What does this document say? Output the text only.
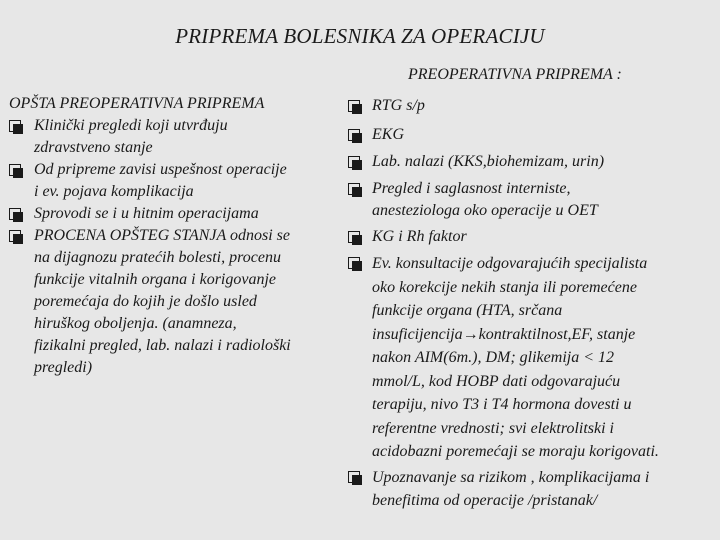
PRIPREMA BOLESNIKA ZA OPERACIJU
PREOPERATIVNA PRIPREMA :
OPŠTA PREOPERATIVNA PRIPREMA
Klinički pregledi koji utvrđuju
zdravstveno stanje
Od pripreme zavisi uspešnost operacije
i ev. pojava komplikacija
Sprovodi se i u hitnim operacijama
PROCENA OPŠTEG STANJA odnosi se
na dijagnozu pratećih bolesti, procenu
funkcije vitalnih organa i korigovanje
poremećaja do kojih je došlo usled
hiruškog oboljenja. (anamneza,
fizikalni pregled, lab. nalazi i radiološki
pregledi)
RTG s/p
EKG
Lab. nalazi (KKS,biohemizam, urin)
Pregled i saglasnost interniste,
anesteziologa oko operacije u OET
KG i Rh faktor
Ev. konsultacije odgovarajućih specijalista
oko korekcije nekih stanja ili poremećene
funkcije organa (HTA, srčana
insuficijencija→kontraktilnost,EF, stanje
nakon AIM(6m.), DM; glikemija < 12
mmol/L, kod HOBP dati odgovarajuću
terapiju, nivo T3 i T4 hormona dovesti u
referentne vrednosti; svi elektrolitski i
acidobazni poremećaji se moraju korigovati.
Upoznavanje sa rizikom , komplikacijama i
benefitima od operacije /pristanak/
